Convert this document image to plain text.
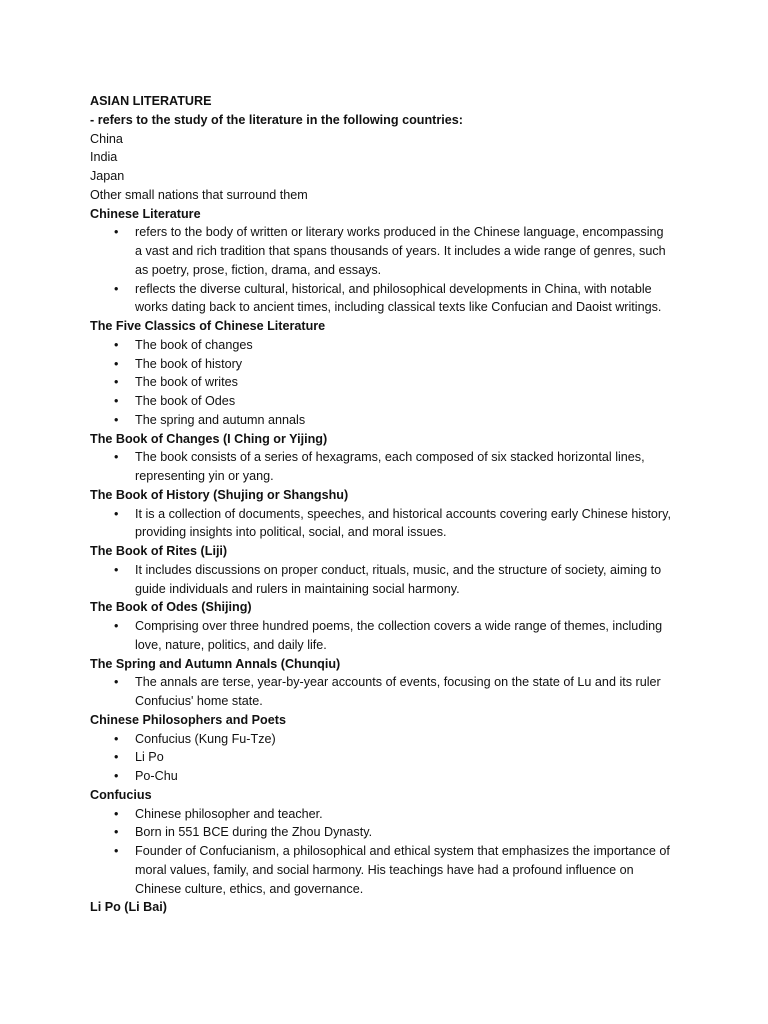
ASIAN LITERATURE

- refers to the study of the literature in the following countries:

China

India

Japan

Other small nations that surround them

Chinese Literature

• refers to the body of written or literary works produced in the Chinese language, encompassing a vast and rich tradition that spans thousands of years. It includes a wide range of genres, such as poetry, prose, fiction, drama, and essays.
• reflects the diverse cultural, historical, and philosophical developments in China, with notable works dating back to ancient times, including classical texts like Confucian and Daoist writings.

The Five Classics of Chinese Literature

• The book of changes
• The book of history
• The book of writes
• The book of Odes
• The spring and autumn annals

The Book of Changes (I Ching or Yijing)

• The book consists of a series of hexagrams, each composed of six stacked horizontal lines, representing yin or yang.

The Book of History (Shujing or Shangshu)

• It is a collection of documents, speeches, and historical accounts covering early Chinese history, providing insights into political, social, and moral issues.

The Book of Rites (Liji)

• It includes discussions on proper conduct, rituals, music, and the structure of society, aiming to guide individuals and rulers in maintaining social harmony.

The Book of Odes (Shijing)

• Comprising over three hundred poems, the collection covers a wide range of themes, including love, nature, politics, and daily life.

The Spring and Autumn Annals (Chunqiu)

• The annals are terse, year-by-year accounts of events, focusing on the state of Lu and its ruler Confucius' home state.

Chinese Philosophers and Poets

• Confucius (Kung Fu-Tze)
• Li Po
• Po-Chu

Confucius

• Chinese philosopher and teacher.
• Born in 551 BCE during the Zhou Dynasty.
• Founder of Confucianism, a philosophical and ethical system that emphasizes the importance of moral values, family, and social harmony. His teachings have had a profound influence on Chinese culture, ethics, and governance.

Li Po (Li Bai)
